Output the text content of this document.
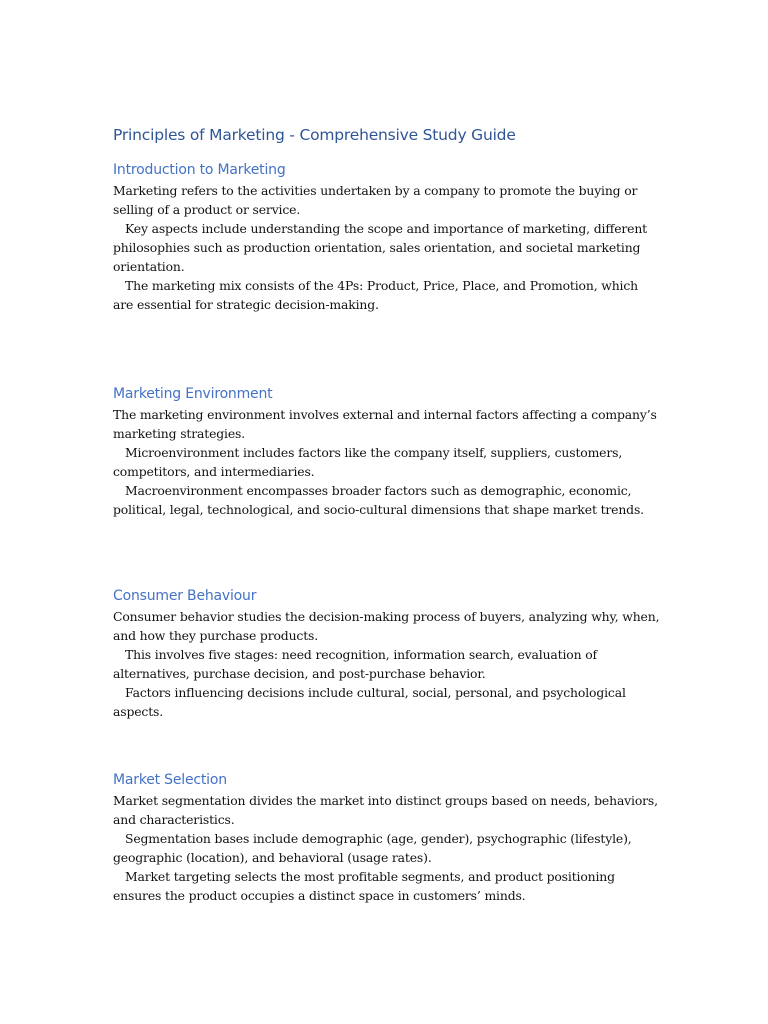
Principles of Marketing - Comprehensive Study Guide
Introduction to Marketing

Marketing refers to the activities undertaken by a company to promote the buying or selling of a product or service.

Key aspects include understanding the scope and importance of marketing, different philosophies such as production orientation, sales orientation, and societal marketing orientation.

The marketing mix consists of the 4Ps: Product, Price, Place, and Promotion, which are essential for strategic decision-making.

Marketing Environment

The marketing environment involves external and internal factors affecting a company’s marketing strategies.

Microenvironment includes factors like the company itself, suppliers, customers, competitors, and intermediaries.

Macroenvironment encompasses broader factors such as demographic, economic, political, legal, technological, and socio-cultural dimensions that shape market trends.

Consumer Behaviour

Consumer behavior studies the decision-making process of buyers, analyzing why, when, and how they purchase products.

This involves five stages: need recognition, information search, evaluation of alternatives, purchase decision, and post-purchase behavior.

Factors influencing decisions include cultural, social, personal, and psychological aspects.

Market Selection

Market segmentation divides the market into distinct groups based on needs, behaviors, and characteristics.

Segmentation bases include demographic (age, gender), psychographic (lifestyle), geographic (location), and behavioral (usage rates).

Market targeting selects the most profitable segments, and product positioning ensures the product occupies a distinct space in customers’ minds.
